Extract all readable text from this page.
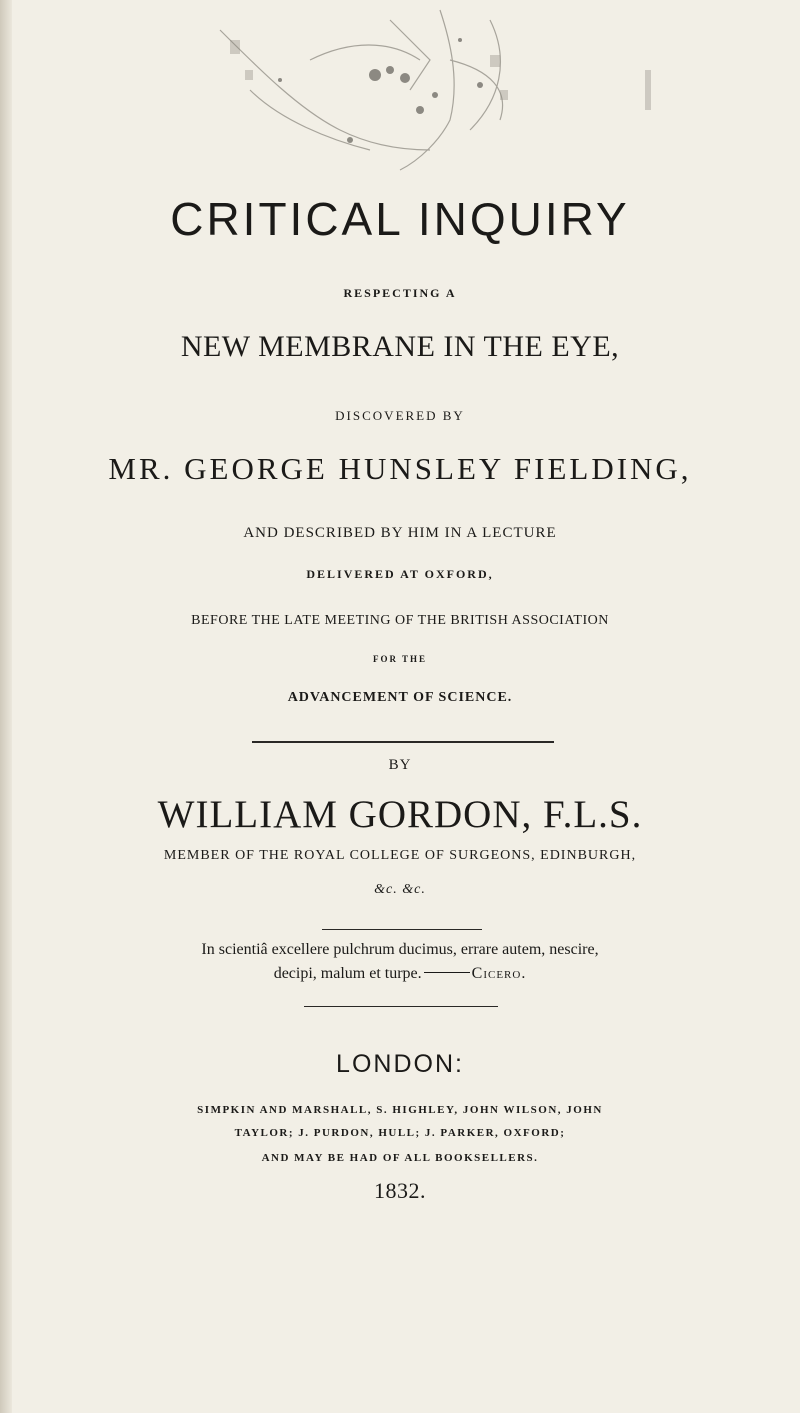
CRITICAL INQUIRY
RESPECTING A
NEW MEMBRANE IN THE EYE,
DISCOVERED BY
MR. GEORGE HUNSLEY FIELDING,
AND DESCRIBED BY HIM IN A LECTURE
DELIVERED AT OXFORD,
BEFORE THE LATE MEETING OF THE BRITISH ASSOCIATION
FOR THE
ADVANCEMENT OF SCIENCE.
BY
WILLIAM GORDON, F.L.S.
MEMBER OF THE ROYAL COLLEGE OF SURGEONS, EDINBURGH,
&c. &c.
In scientiâ excellere pulchrum ducimus, errare autem, nescire,
decipi, malum et turpe.	Cicero.
LONDON:
SIMPKIN AND MARSHALL, S. HIGHLEY, JOHN WILSON, JOHN
TAYLOR; J. PURDON, HULL; J. PARKER, OXFORD;
AND MAY BE HAD OF ALL BOOKSELLERS.
1832.
